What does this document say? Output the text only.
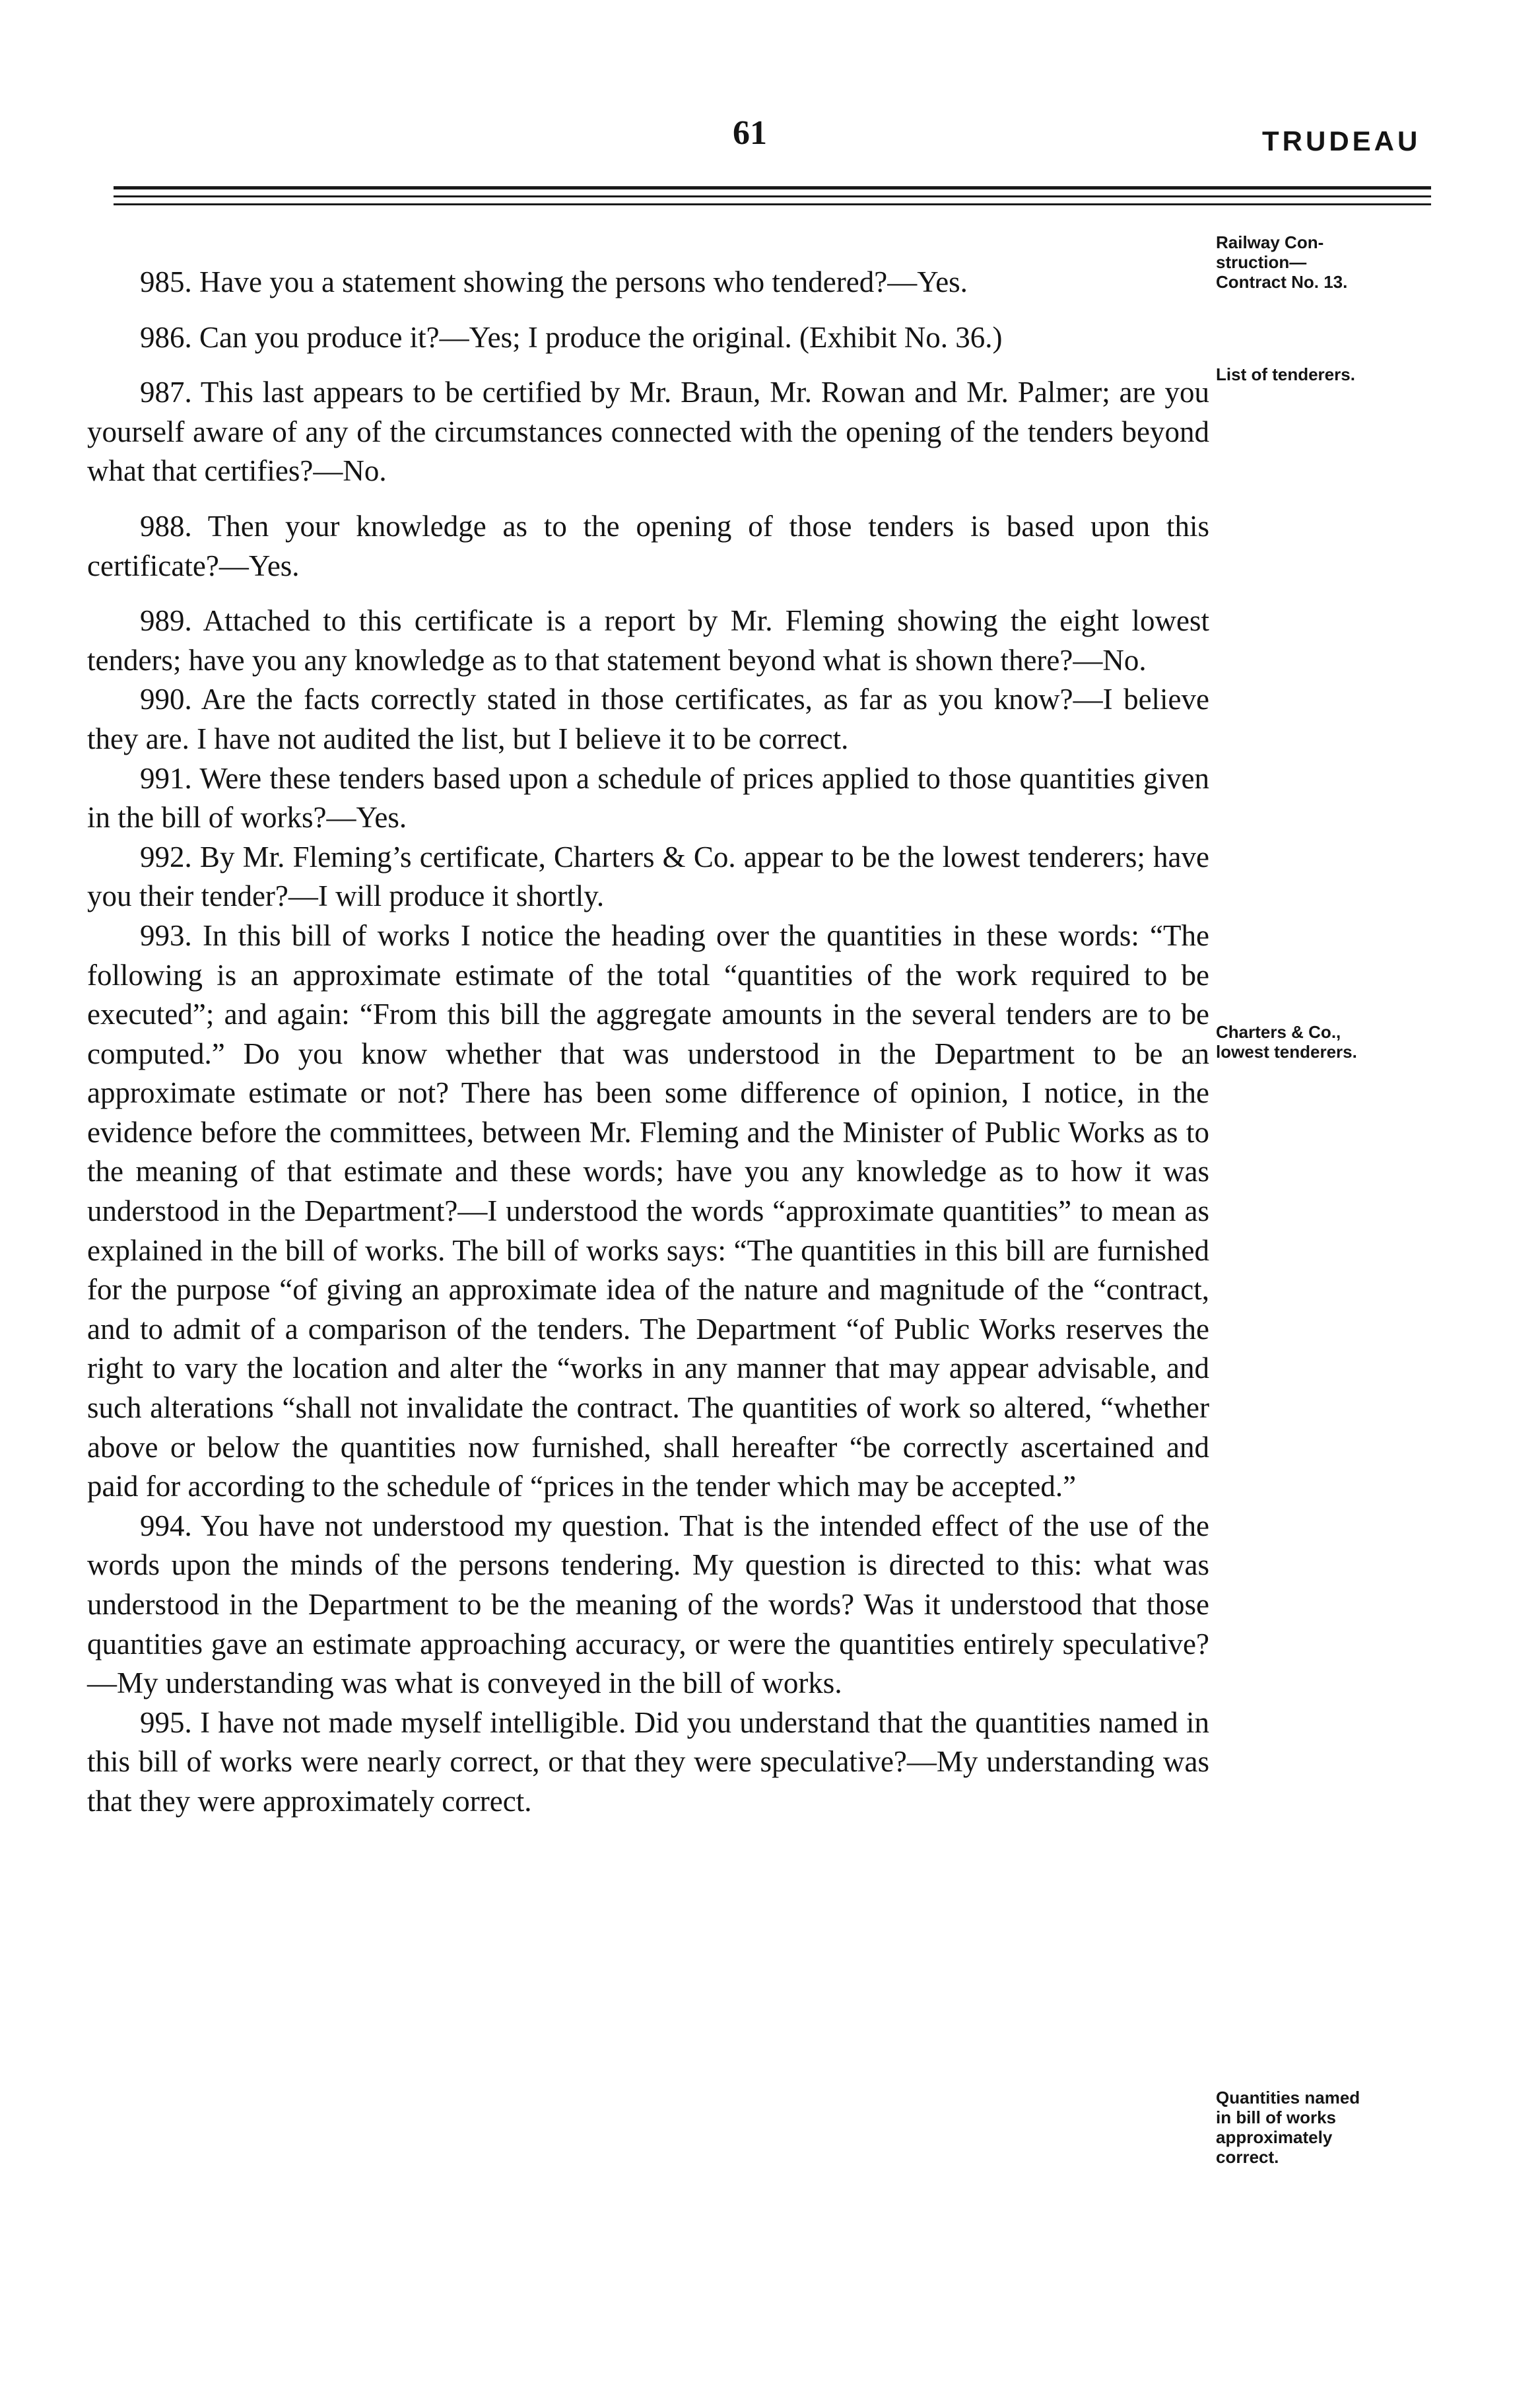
61	TRUDEAU
Railway Con-
struction—
Contract No. 13.
List of tenderers.
Charters & Co.,
lowest tenderers.
Quantities named
in bill of works
approximately
correct.

985. Have you a statement showing the persons who tendered?—Yes.

986. Can you produce it?—Yes; I produce the original. (Exhibit No. 36.)

987. This last appears to be certified by Mr. Braun, Mr. Rowan and Mr. Palmer; are you yourself aware of any of the circumstances connected with the opening of the tenders beyond what that certifies?—No.

988. Then your knowledge as to the opening of those tenders is based upon this certificate?—Yes.

989. Attached to this certificate is a report by Mr. Fleming showing the eight lowest tenders; have you any knowledge as to that statement beyond what is shown there?—No.

990. Are the facts correctly stated in those certificates, as far as you know?—I believe they are. I have not audited the list, but I believe it to be correct.

991. Were these tenders based upon a schedule of prices applied to those quantities given in the bill of works?—Yes.

992. By Mr. Fleming’s certificate, Charters & Co. appear to be the lowest tenderers; have you their tender?—I will produce it shortly.

993. In this bill of works I notice the heading over the quantities in these words: “The following is an approximate estimate of the total “quantities of the work required to be executed”; and again: “From this bill the aggregate amounts in the several tenders are to be computed.” Do you know whether that was understood in the Department to be an approximate estimate or not? There has been some difference of opinion, I notice, in the evidence before the committees, between Mr. Fleming and the Minister of Public Works as to the meaning of that estimate and these words; have you any knowledge as to how it was understood in the Department?—I understood the words “approximate quantities” to mean as explained in the bill of works. The bill of works says: “The quantities in this bill are furnished for the purpose “of giving an approximate idea of the nature and magnitude of the “contract, and to admit of a comparison of the tenders. The Department “of Public Works reserves the right to vary the location and alter the “works in any manner that may appear advisable, and such alterations “shall not invalidate the contract. The quantities of work so altered, “whether above or below the quantities now furnished, shall hereafter “be correctly ascertained and paid for according to the schedule of “prices in the tender which may be accepted.”

994. You have not understood my question. That is the intended effect of the use of the words upon the minds of the persons tendering. My question is directed to this: what was understood in the Department to be the meaning of the words? Was it understood that those quantities gave an estimate approaching accuracy, or were the quantities entirely speculative?—My understanding was what is conveyed in the bill of works.

995. I have not made myself intelligible. Did you understand that the quantities named in this bill of works were nearly correct, or that they were speculative?—My understanding was that they were approximately correct.
